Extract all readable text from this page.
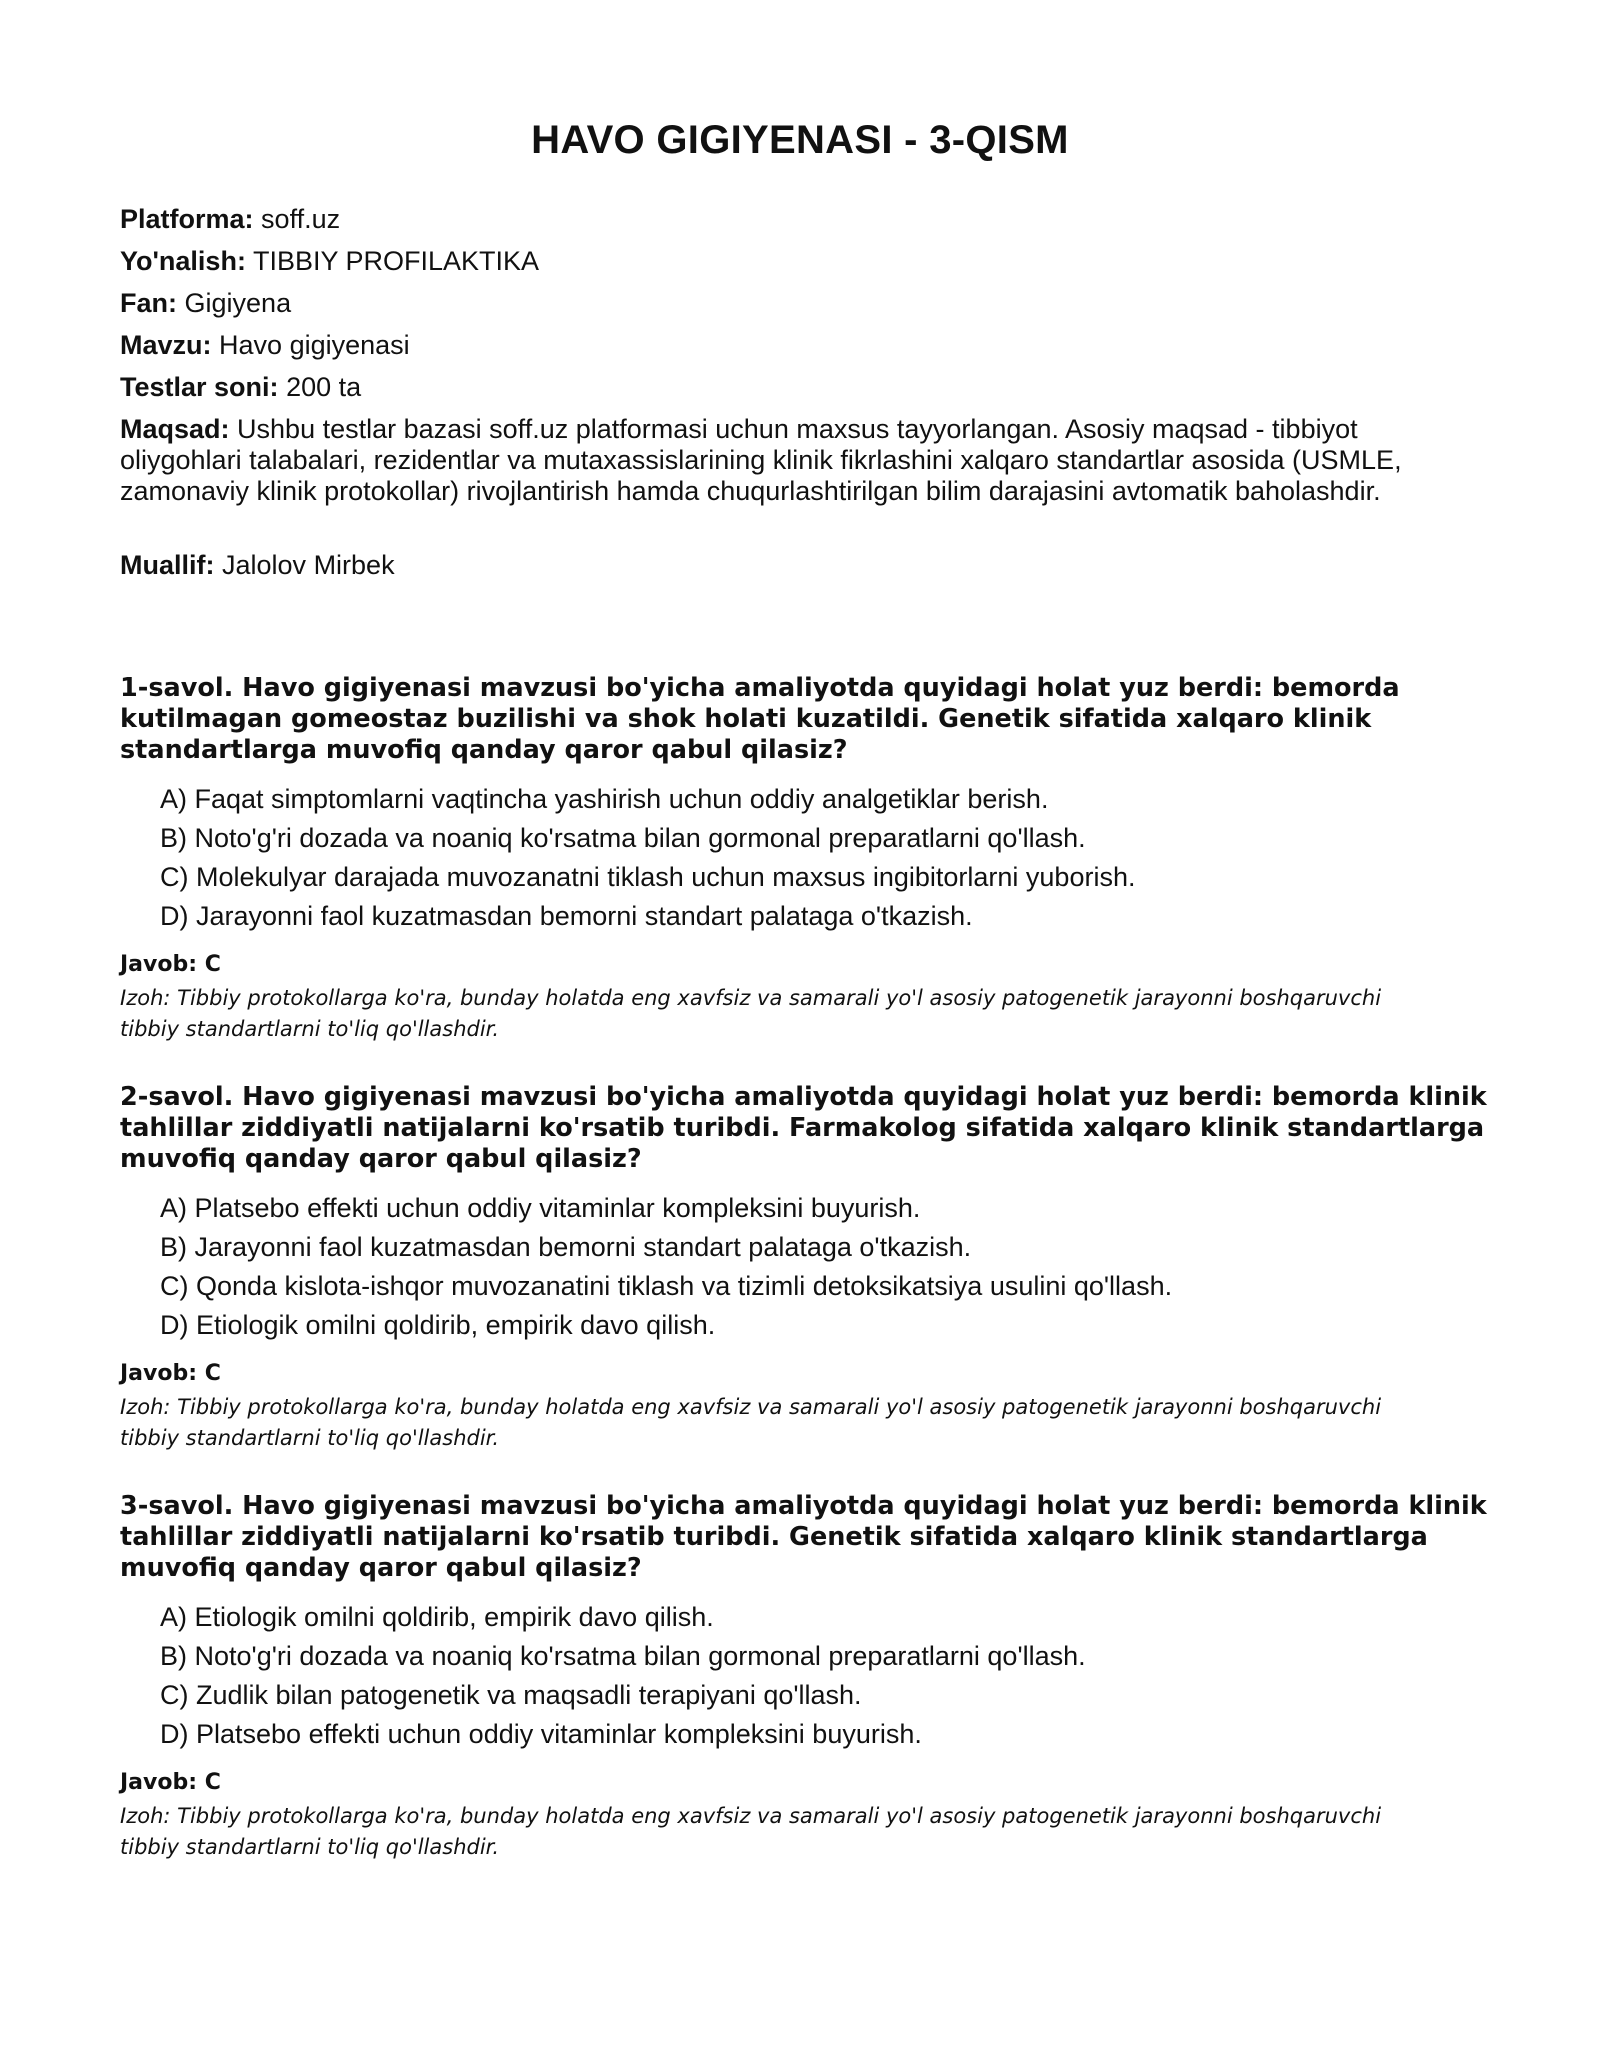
HAVO GIGIYENASI - 3-QISM
Platforma: soff.uz
Yo'nalish: TIBBIY PROFILAKTIKA
Fan: Gigiyena
Mavzu: Havo gigiyenasi
Testlar soni: 200 ta
Maqsad: Ushbu testlar bazasi soff.uz platformasi uchun maxsus tayyorlangan. Asosiy maqsad - tibbiyot oliygohlari talabalari, rezidentlar va mutaxassislarining klinik fikrlashini xalqaro standartlar asosida (USMLE, zamonaviy klinik protokollar) rivojlantirish hamda chuqurlashtirilgan bilim darajasini avtomatik baholashdir.
Muallif: Jalolov Mirbek

1-savol. Havo gigiyenasi mavzusi bo'yicha amaliyotda quyidagi holat yuz berdi: bemorda kutilmagan gomeostaz buzilishi va shok holati kuzatildi. Genetik sifatida xalqaro klinik standartlarga muvofiq qanday qaror qabul qilasiz?

A) Faqat simptomlarni vaqtincha yashirish uchun oddiy analgetiklar berish.
B) Noto'g'ri dozada va noaniq ko'rsatma bilan gormonal preparatlarni qo'llash.
C) Molekulyar darajada muvozanatni tiklash uchun maxsus ingibitorlarni yuborish.
D) Jarayonni faol kuzatmasdan bemorni standart palataga o'tkazish.
Javob: C
Izoh: Tibbiy protokollarga ko'ra, bunday holatda eng xavfsiz va samarali yo'l asosiy patogenetik jarayonni boshqaruvchi tibbiy standartlarni to'liq qo'llashdir.

2-savol. Havo gigiyenasi mavzusi bo'yicha amaliyotda quyidagi holat yuz berdi: bemorda klinik tahlillar ziddiyatli natijalarni ko'rsatib turibdi. Farmakolog sifatida xalqaro klinik standartlarga muvofiq qanday qaror qabul qilasiz?

A) Platsebo effekti uchun oddiy vitaminlar kompleksini buyurish.
B) Jarayonni faol kuzatmasdan bemorni standart palataga o'tkazish.
C) Qonda kislota-ishqor muvozanatini tiklash va tizimli detoksikatsiya usulini qo'llash.
D) Etiologik omilni qoldirib, empirik davo qilish.
Javob: C
Izoh: Tibbiy protokollarga ko'ra, bunday holatda eng xavfsiz va samarali yo'l asosiy patogenetik jarayonni boshqaruvchi tibbiy standartlarni to'liq qo'llashdir.

3-savol. Havo gigiyenasi mavzusi bo'yicha amaliyotda quyidagi holat yuz berdi: bemorda klinik tahlillar ziddiyatli natijalarni ko'rsatib turibdi. Genetik sifatida xalqaro klinik standartlarga muvofiq qanday qaror qabul qilasiz?

A) Etiologik omilni qoldirib, empirik davo qilish.
B) Noto'g'ri dozada va noaniq ko'rsatma bilan gormonal preparatlarni qo'llash.
C) Zudlik bilan patogenetik va maqsadli terapiyani qo'llash.
D) Platsebo effekti uchun oddiy vitaminlar kompleksini buyurish.
Javob: C
Izoh: Tibbiy protokollarga ko'ra, bunday holatda eng xavfsiz va samarali yo'l asosiy patogenetik jarayonni boshqaruvchi tibbiy standartlarni to'liq qo'llashdir.
